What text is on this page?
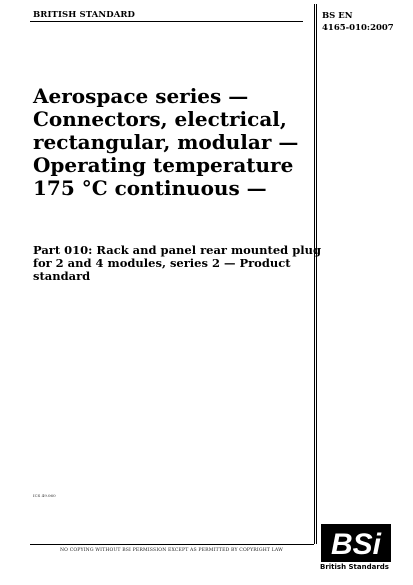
BRITISH STANDARD	BS EN
4165-010:2007
Aerospace series — Connectors, electrical, rectangular, modular — Operating temperature 175 °C continuous —
Part 010: Rack and panel rear mounted plug for 2 and 4 modules, series 2 — Product standard
ICS 49.060
NO COPYING WITHOUT BSI PERMISSION EXCEPT AS PERMITTED BY COPYRIGHT LAW BSi
British Standards
